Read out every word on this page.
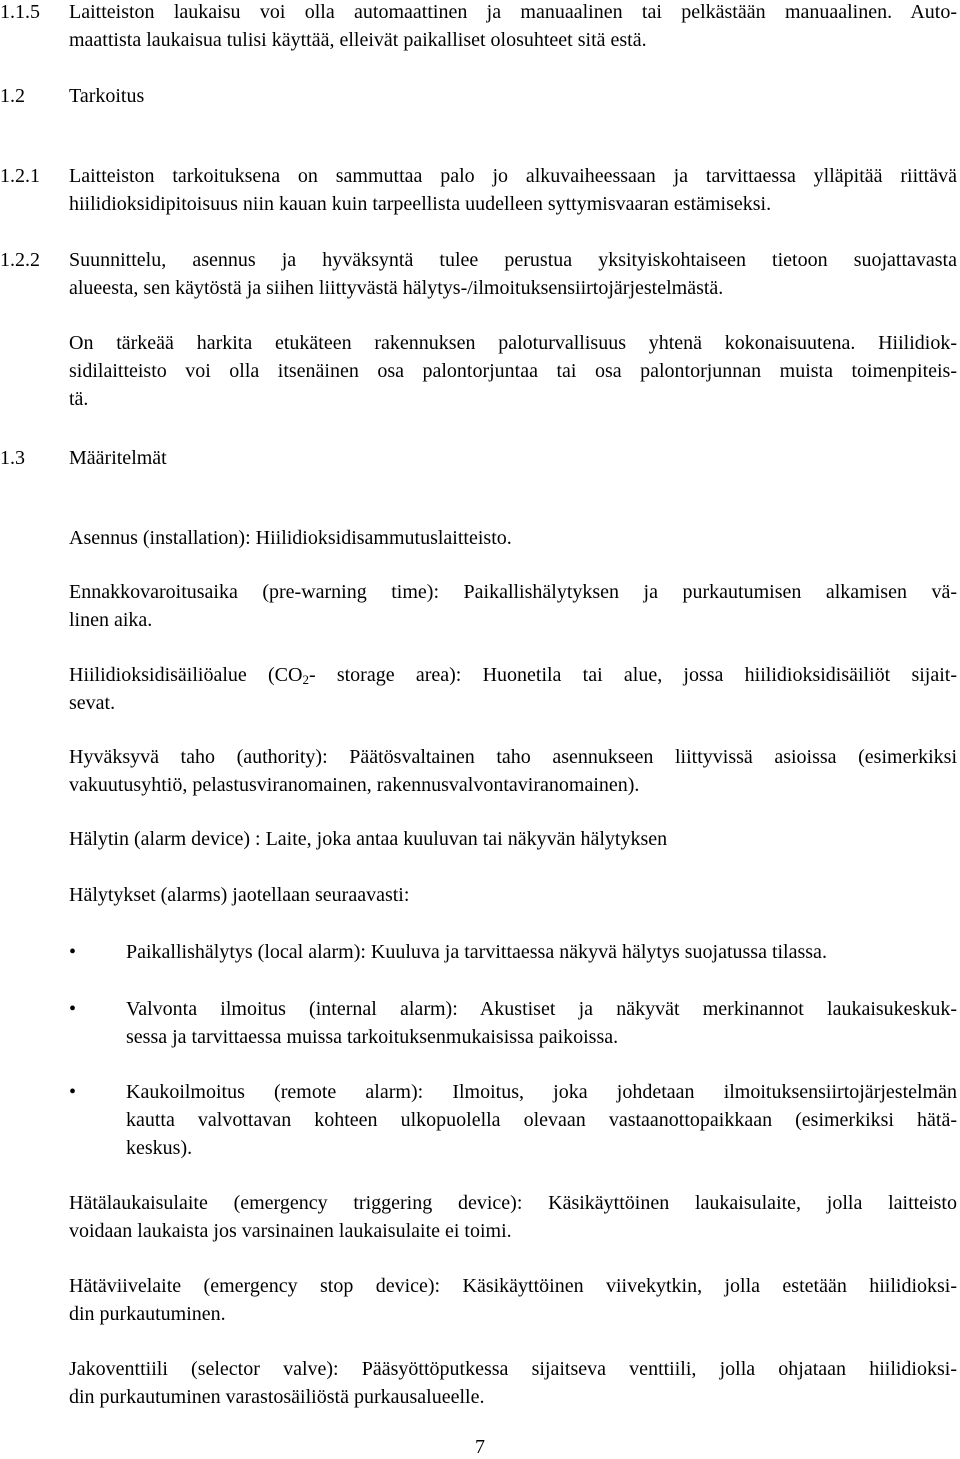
1.1.5 Laitteiston laukaisu voi olla automaattinen ja manuaalinen tai pelkästään manuaalinen. Auto-
maattista laukaisua tulisi käyttää, elleivät paikalliset olosuhteet sitä estä.
1.2 Tarkoitus
1.2.1 Laitteiston tarkoituksena on sammuttaa palo jo alkuvaiheessaan ja tarvittaessa ylläpitää riittävä
hiilidioksidipitoisuus niin kauan kuin tarpeellista uudelleen syttymisvaaran estämiseksi.
1.2.2 Suunnittelu, asennus ja hyväksyntä tulee perustua yksityiskohtaiseen tietoon suojattavasta
alueesta, sen käytöstä ja siihen liittyvästä hälytys-/ilmoituksensiirtojärjestelmästä.
On tärkeää harkita etukäteen rakennuksen paloturvallisuus yhtenä kokonaisuutena. Hiilidiok-
sidilaitteisto voi olla itsenäinen osa palontorjuntaa tai osa palontorjunnan muista toimenpiteis-
tä.
1.3 Määritelmät
Asennus (installation): Hiilidioksidisammutuslaitteisto.
Ennakkovaroitusaika (pre-warning time): Paikallishälytyksen ja purkautumisen alkamisen vä-
linen aika.
Hiilidioksidisäiliöalue ($CO_2-$ storage area): Huonetila tai alue, jossa hiilidioksidisäiliöt sijait-
sevat.
Hyväksyvä taho (authority): Päätösvaltainen taho asennukseen liittyvissä asioissa (esimerkiksi
vakuutusyhtiö, pelastusviranomainen, rakennusvalvontaviranomainen).
Hälytin (alarm device) : Laite, joka antaa kuuluvan tai näkyvän hälytyksen
Hälytykset (alarms) jaotellaan seuraavasti:
• Paikallishälytys (local alarm): Kuuluva ja tarvittaessa näkyvä hälytys suojatussa tilassa.
• Valvonta ilmoitus (internal alarm): Akustiset ja näkyvät merkinannot laukaisukeskuk-
sessa ja tarvittaessa muissa tarkoituksenmukaisissa paikoissa.
• Kaukoilmoitus (remote alarm): Ilmoitus, joka johdetaan ilmoituksensiirtojärjestelmän
kautta valvottavan kohteen ulkopuolella olevaan vastaanottopaikkaan (esimerkiksi hätä-
keskus).
Hätälaukaisulaite (emergency triggering device): Käsikäyttöinen laukaisulaite, jolla laitteisto
voidaan laukaista jos varsinainen laukaisulaite ei toimi.
Hätäviivelaite (emergency stop device): Käsikäyttöinen viivekytkin, jolla estetään hiilidioksi-
din purkautuminen.
Jakoventtiili (selector valve): Pääsyöttöputkessa sijaitseva venttiili, jolla ohjataan hiilidioksi-
din purkautuminen varastosäiliöstä purkausalueelle.
7
